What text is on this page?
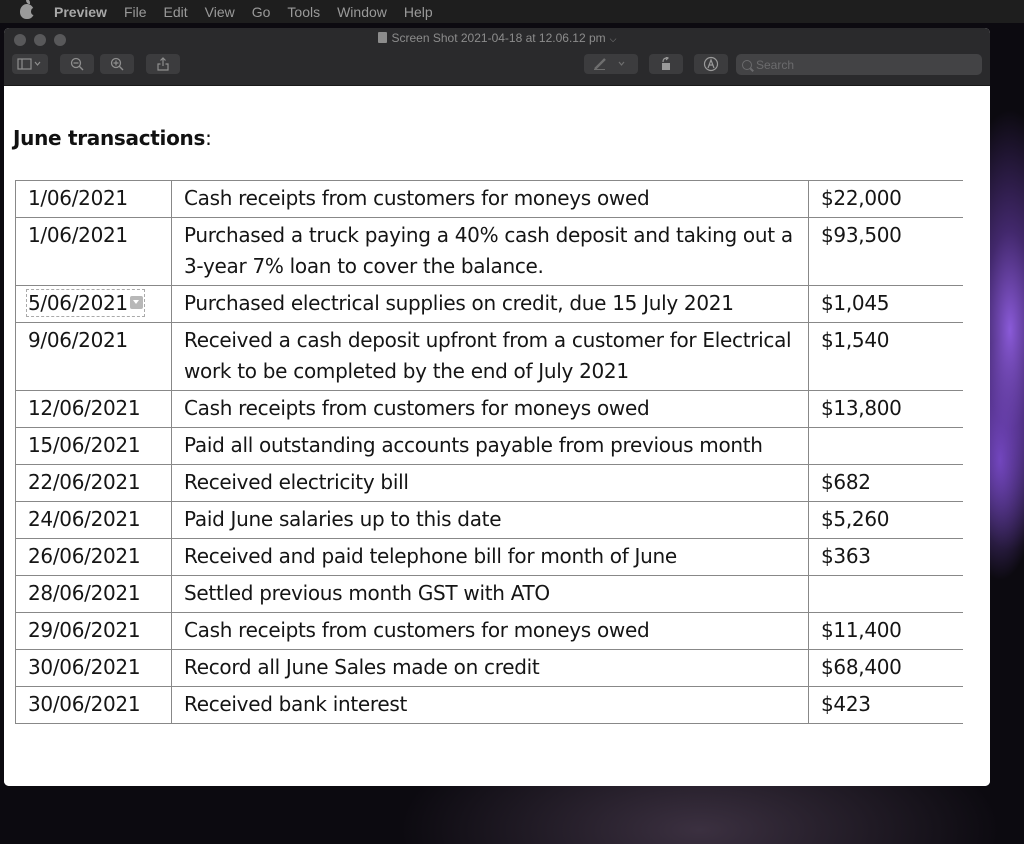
Preview File Edit View Go Tools Window Help
Screen Shot 2021-04-18 at 12.06.12 pm ⌵
Search
June transactions:
1/06/2021	Cash receipts from customers for moneys owed	$22,000
1/06/2021	Purchased a truck paying a 40% cash deposit and taking out a 3-year 7% loan to cover the balance.	$93,500
5/06/2021	Purchased electrical supplies on credit, due 15 July 2021	$1,045
9/06/2021	Received a cash deposit upfront from a customer for Electrical work to be completed by the end of July 2021	$1,540
12/06/2021	Cash receipts from customers for moneys owed	$13,800
15/06/2021	Paid all outstanding accounts payable from previous month	
22/06/2021	Received electricity bill	$682
24/06/2021	Paid June salaries up to this date	$5,260
26/06/2021	Received and paid telephone bill for month of June	$363
28/06/2021	Settled previous month GST with ATO	
29/06/2021	Cash receipts from customers for moneys owed	$11,400
30/06/2021	Record all June Sales made on credit	$68,400
30/06/2021	Received bank interest	$423
